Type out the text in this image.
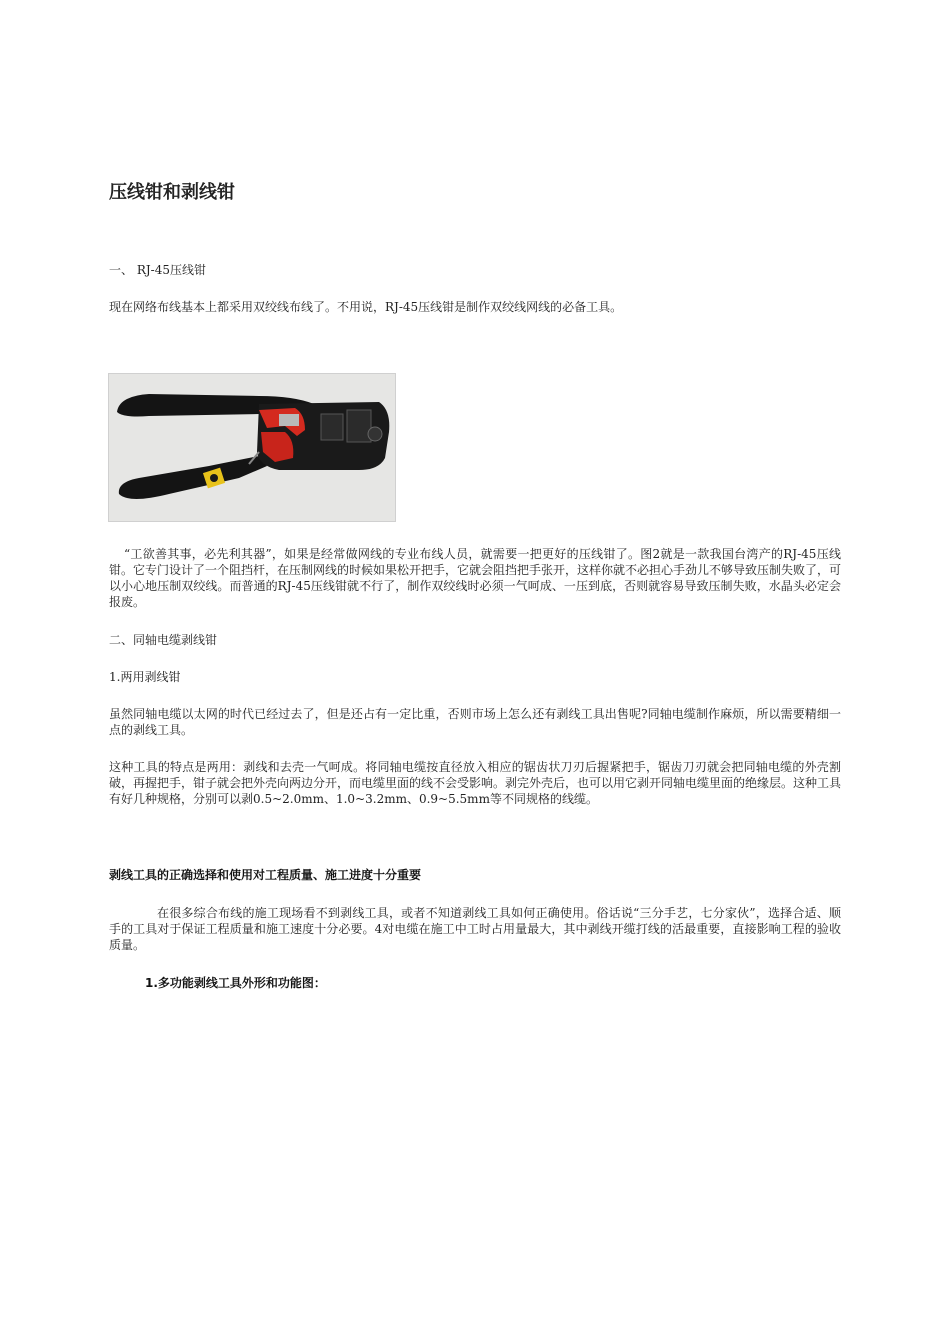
压线钳和剥线钳

一、 RJ-45压线钳

现在网络布线基本上都采用双绞线布线了。不用说，RJ-45压线钳是制作双绞线网线的必备工具。

“工欲善其事，必先利其器”，如果是经常做网线的专业布线人员，就需要一把更好的压线钳了。图2就是一款我国台湾产的RJ-45压线钳。它专门设计了一个阻挡杆，在压制网线的时候如果松开把手，它就会阻挡把手张开，这样你就不必担心手劲儿不够导致压制失败了，可以小心地压制双绞线。而普通的RJ-45压线钳就不行了，制作双绞线时必须一气呵成、一压到底，否则就容易导致压制失败，水晶头必定会报废。

二、同轴电缆剥线钳

1.两用剥线钳

虽然同轴电缆以太网的时代已经过去了，但是还占有一定比重，否则市场上怎么还有剥线工具出售呢?同轴电缆制作麻烦，所以需要精细一点的剥线工具。

这种工具的特点是两用：剥线和去壳一气呵成。将同轴电缆按直径放入相应的锯齿状刀刃后握紧把手，锯齿刀刃就会把同轴电缆的外壳割破，再握把手，钳子就会把外壳向两边分开，而电缆里面的线不会受影响。剥完外壳后，也可以用它剥开同轴电缆里面的绝缘层。这种工具有好几种规格，分别可以剥0.5~2.0mm、1.0~3.2mm、0.9~5.5mm等不同规格的线缆。

剥线工具的正确选择和使用对工程质量、施工进度十分重要

在很多综合布线的施工现场看不到剥线工具，或者不知道剥线工具如何正确使用。俗话说“三分手艺，七分家伙”，选择合适、顺手的工具对于保证工程质量和施工速度十分必要。4对电缆在施工中工时占用量最大，其中剥线开缆打线的活最重要，直接影响工程的验收质量。

1.多功能剥线工具外形和功能图：
